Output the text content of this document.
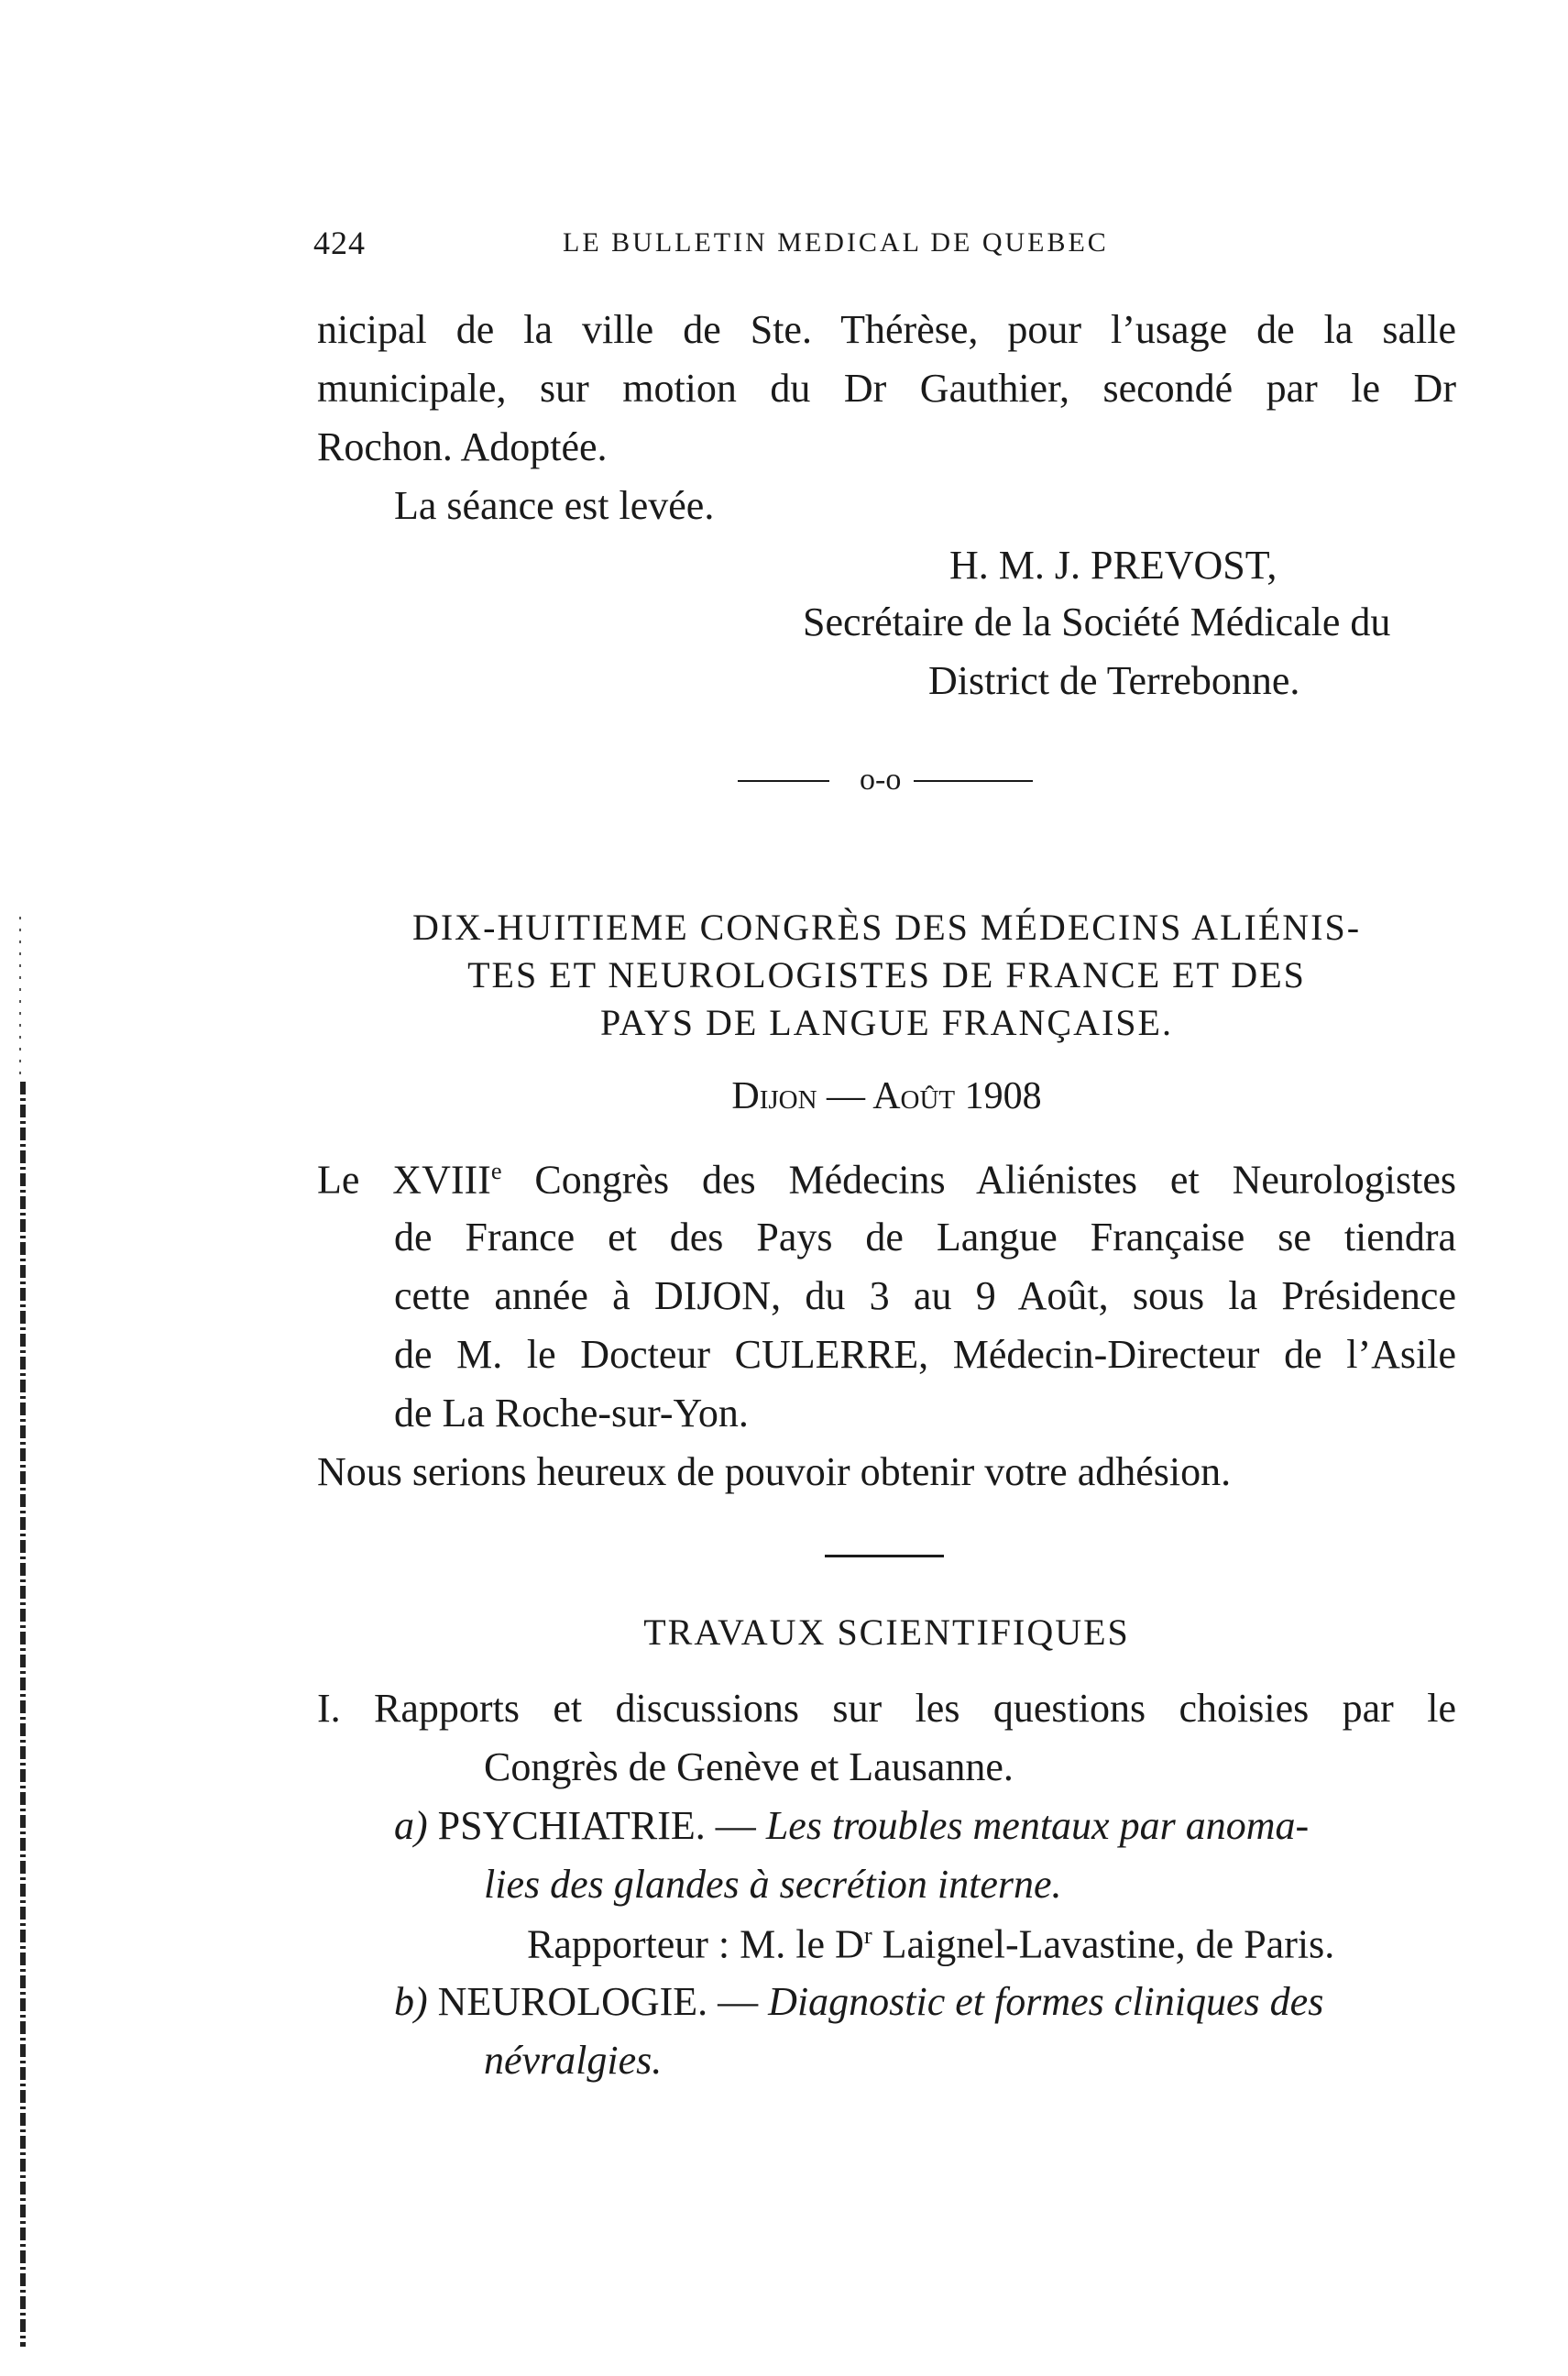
424	LE BULLETIN MEDICAL DE QUEBEC
nicipal de la ville de Ste. Thérèse, pour l’usage de la salle
municipale, sur motion du Dr Gauthier, secondé par le Dr
Rochon. Adoptée.
La séance est levée.
H. M. J. PREVOST,
Secrétaire de la Société Médicale du
District de Terrebonne.
o-o
DIX-HUITIEME CONGRÈS DES MÉDECINS ALIÉNIS-
TES ET NEUROLOGISTES DE FRANCE ET DES
PAYS DE LANGUE FRANÇAISE.
Dijon — Août 1908
Le XVIIIe Congrès des Médecins Aliénistes et Neurologistes
de France et des Pays de Langue Française se tiendra
cette année à DIJON, du 3 au 9 Août, sous la Présidence
de M. le Docteur CULERRE, Médecin-Directeur de l’Asile
de La Roche-sur-Yon.
Nous serions heureux de pouvoir obtenir votre adhésion.
TRAVAUX SCIENTIFIQUES
I. Rapports et discussions sur les questions choisies par le
Congrès de Genève et Lausanne.
a) PSYCHIATRIE. — Les troubles mentaux par anoma-
lies des glandes à secrétion interne.
Rapporteur : M. le $D^r$ Laignel-Lavastine, de Paris.
b) NEUROLOGIE. — Diagnostic et formes cliniques des
névralgies.
